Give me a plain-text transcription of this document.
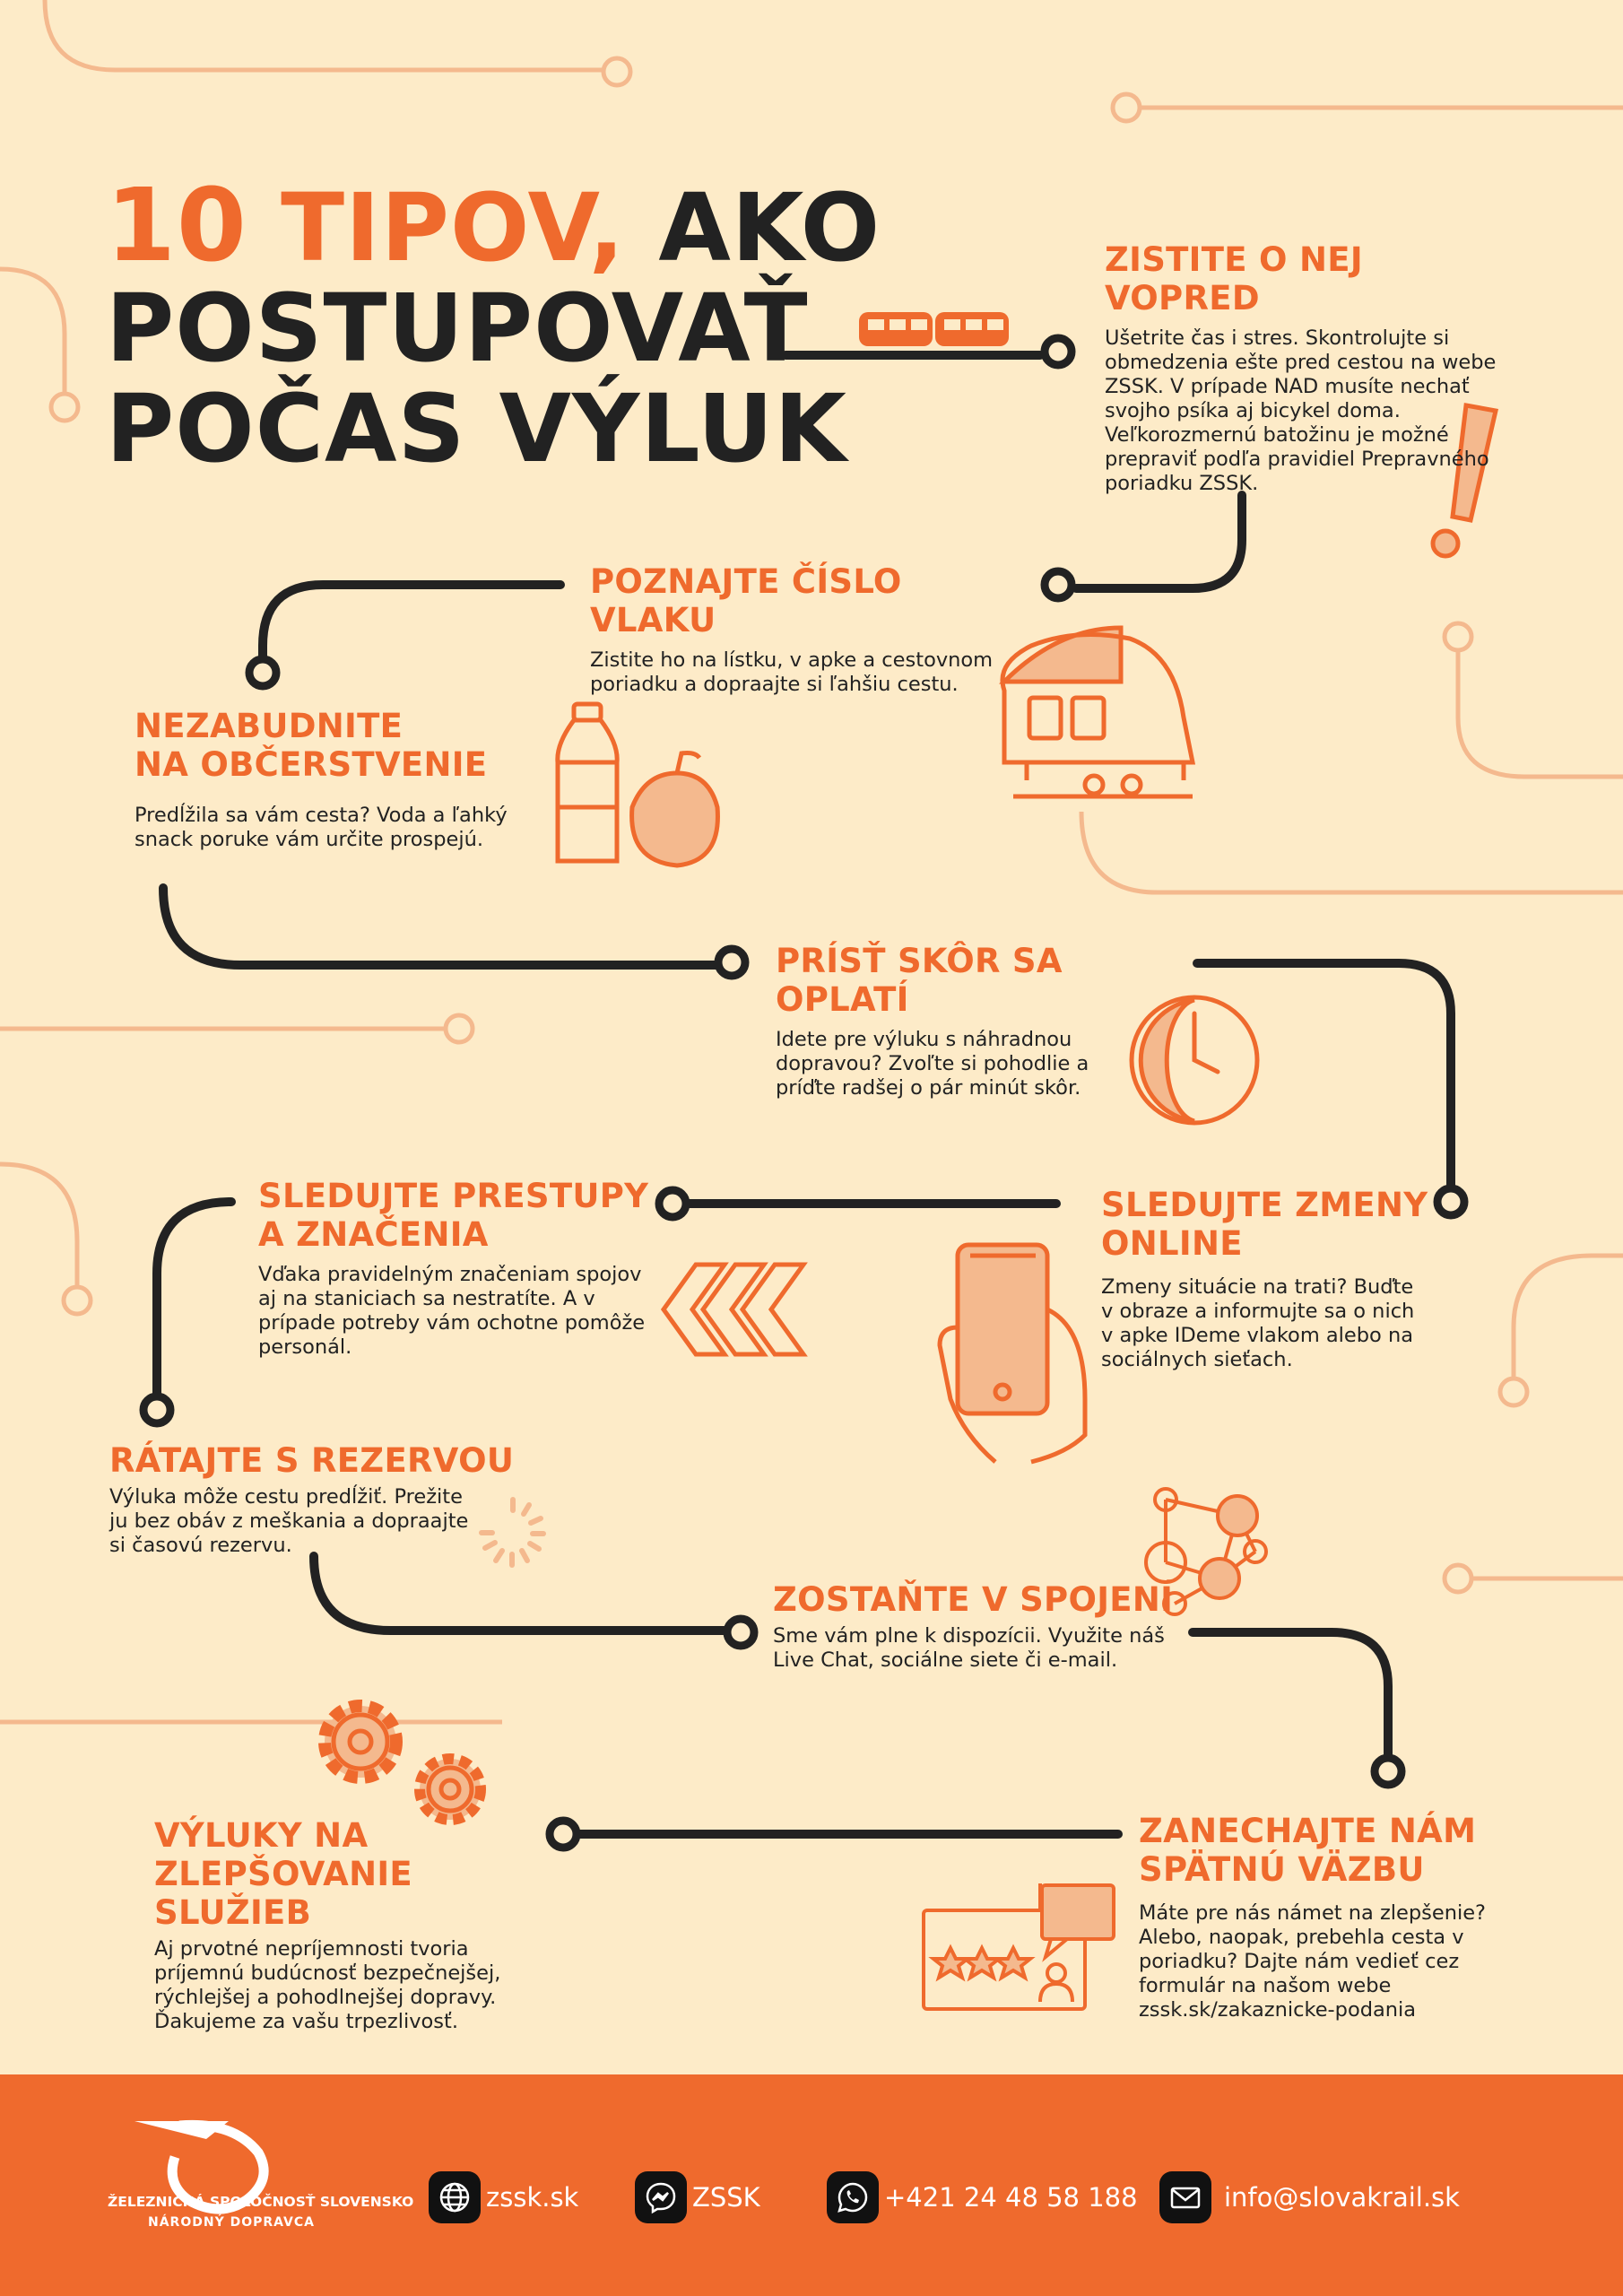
10 TIPOV, AKO
POSTUPOVAŤ
POČAS VÝLUK
ZISTITE O NEJ VOPRED
Ušetrite čas i stres. Skontrolujte si obmedzenia ešte pred cestou na webe ZSSK. V prípade NAD musíte nechať svojho psíka aj bicykel doma. Veľkorozmernú batožinu je možné prepraviť podľa pravidiel Prepravného poriadku ZSSK.
POZNAJTE ČÍSLO VLAKU
Zistite ho na lístku, v apke a cestovnom poriadku a dopraajte si ľahšiu cestu.
NEZABUDNITE
NA OBČERSTVENIE
Predĺžila sa vám cesta? Voda a ľahký snack poruke vám určite prospejú.
PRÍSŤ SKÔR SA OPLATÍ
Idete pre výluku s náhradnou dopravou? Zvoľte si pohodlie a príďte radšej o pár minút skôr.
SLEDUJTE ZMENY
ONLINE
Zmeny situácie na trati? Buďte v obraze a informujte sa o nich v apke IDeme vlakom alebo na sociálnych sieťach.
SLEDUJTE PRESTUPY
A ZNAČENIA
Vďaka pravidelným značeniam spojov aj na staniciach sa nestratíte. A v prípade potreby vám ochotne pomôže personál.
RÁTAJTE S REZERVOU
Výluka môže cestu predĺžiť. Prežite ju bez obáv z meškania a dopraajte si časovú rezervu.
ZOSTAŇTE V SPOJENÍ
Sme vám plne k dispozícii. Využite náš Live Chat, sociálne siete či e-mail.
VÝLUKY NA
ZLEPŠOVANIE SLUŽIEB
Aj prvotné nepríjemnosti tvoria príjemnú budúcnosť bezpečnejšej, rýchlejšej a pohodlnejšej dopravy. Ďakujeme za vašu trpezlivosť.
ZANECHAJTE NÁM
SPÄTNÚ VÄZBU
Máte pre nás námet na zlepšenie? Alebo, naopak, prebehla cesta v poriadku? Dajte nám vedieť cez formulár na našom webe zssk.sk/zakaznicke-podania
ŽELEZNIČNÁ SPOLOČNOSŤ SLOVENSKO
NÁRODNÝ DOPRAVCA
zssk.sk	ZSSK	+421 24 48 58 188	info@slovakrail.sk
